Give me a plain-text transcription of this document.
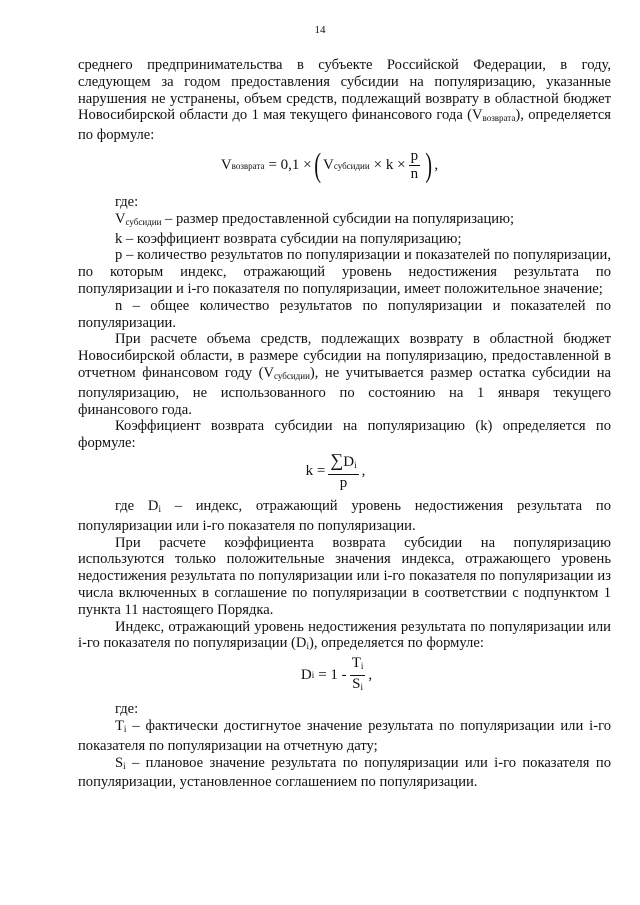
14

среднего предпринимательства в субъекте Российской Федерации, в году, следующем за годом предоставления субсидии на популяризацию, указанные нарушения не устранены, объем средств, подлежащий возврату в областной бюджет Новосибирской области до 1 мая текущего финансового года $(V_{возврата})$, определяется по формуле:

V возврата = 0,1 × ( V субсидии × $k \times \frac{p}{n}$ ) ,

где:

$V_{субсидии}$ – размер предоставленной субсидии на популяризацию;

k – коэффициент возврата субсидии на популяризацию;

p – количество результатов по популяризации и показателей по популяризации, по которым индекс, отражающий уровень недостижения результата по популяризации и i-го показателя по популяризации, имеет положительное значение;

n – общее количество результатов по популяризации и показателей по популяризации.

При расчете объема средств, подлежащих возврату в областной бюджет Новосибирской области, в размере субсидии на популяризацию, предоставленной в отчетном финансовом году $(V_{субсидии})$, не учитывается размер остатка субсидии на популяризацию, не использованного по состоянию на 1 января текущего финансового года.

Коэффициент возврата субсидии на популяризацию (k) определяется по формуле:

$k = \frac{\sum D_i}{p}$ ,

где $D_i$ – индекс, отражающий уровень недостижения результата по популяризации или i-го показателя по популяризации.

При расчете коэффициента возврата субсидии на популяризацию используются только положительные значения индекса, отражающего уровень недостижения результата по популяризации или i-го показателя по популяризации из числа включенных в соглашение по популяризации в соответствии с подпунктом 1 пункта 11 настоящего Порядка.

Индекс, отражающий уровень недостижения результата по популяризации или i-го показателя по популяризации $(D_i)$, определяется по формуле:

D $i = 1 - \frac{T_i}{S_i}$ ,

где:

$T_i$ – фактически достигнутое значение результата по популяризации или i-го показателя по популяризации на отчетную дату;

$S_i$ – плановое значение результата по популяризации или i-го показателя по популяризации, установленное соглашением по популяризации.
